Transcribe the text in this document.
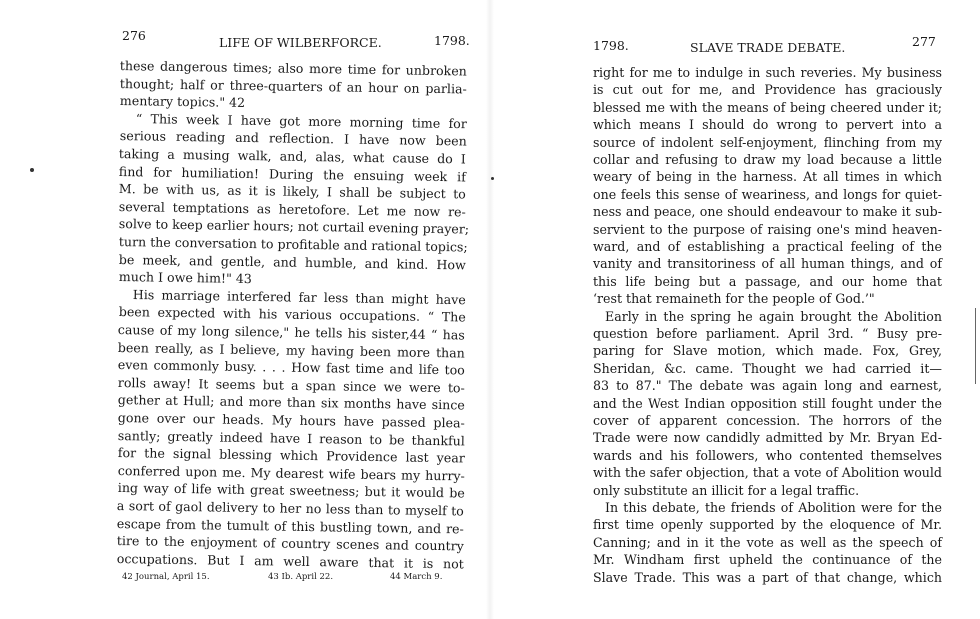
276	LIFE OF WILBERFORCE.	1798.
these dangerous times; also more time for unbroken
thought; half or three-quarters of an hour on parlia-
mentary topics." 42
“ This week I have got more morning time for
serious reading and reflection. I have now been
taking a musing walk, and, alas, what cause do I
find for humiliation! During the ensuing week if
M. be with us, as it is likely, I shall be subject to
several temptations as heretofore. Let me now re-
solve to keep earlier hours; not curtail evening prayer;
turn the conversation to profitable and rational topics;
be meek, and gentle, and humble, and kind. How
much I owe him!" 43
His marriage interfered far less than might have
been expected with his various occupations. “ The
cause of my long silence," he tells his sister,44 “ has
been really, as I believe, my having been more than
even commonly busy. . . . How fast time and life too
rolls away! It seems but a span since we were to-
gether at Hull; and more than six months have since
gone over our heads. My hours have passed plea-
santly; greatly indeed have I reason to be thankful
for the signal blessing which Providence last year
conferred upon me. My dearest wife bears my hurry-
ing way of life with great sweetness; but it would be
a sort of gaol delivery to her no less than to myself to
escape from the tumult of this bustling town, and re-
tire to the enjoyment of country scenes and country
occupations. But I am well aware that it is not
42 Journal, April 15.	43 Ib. April 22.	44 March 9.
1798.	SLAVE TRADE DEBATE.	277
right for me to indulge in such reveries. My business
is cut out for me, and Providence has graciously
blessed me with the means of being cheered under it;
which means I should do wrong to pervert into a
source of indolent self-enjoyment, flinching from my
collar and refusing to draw my load because a little
weary of being in the harness. At all times in which
one feels this sense of weariness, and longs for quiet-
ness and peace, one should endeavour to make it sub-
servient to the purpose of raising one's mind heaven-
ward, and of establishing a practical feeling of the
vanity and transitoriness of all human things, and of
this life being but a passage, and our home that
‘rest that remaineth for the people of God.’"
Early in the spring he again brought the Abolition
question before parliament. April 3rd. “ Busy pre-
paring for Slave motion, which made. Fox, Grey,
Sheridan, &c. came. Thought we had carried it—
83 to 87." The debate was again long and earnest,
and the West Indian opposition still fought under the
cover of apparent concession. The horrors of the
Trade were now candidly admitted by Mr. Bryan Ed-
wards and his followers, who contented themselves
with the safer objection, that a vote of Abolition would
only substitute an illicit for a legal traffic.
In this debate, the friends of Abolition were for the
first time openly supported by the eloquence of Mr.
Canning; and in it the vote as well as the speech of
Mr. Windham first upheld the continuance of the
Slave Trade. This was a part of that change, which
